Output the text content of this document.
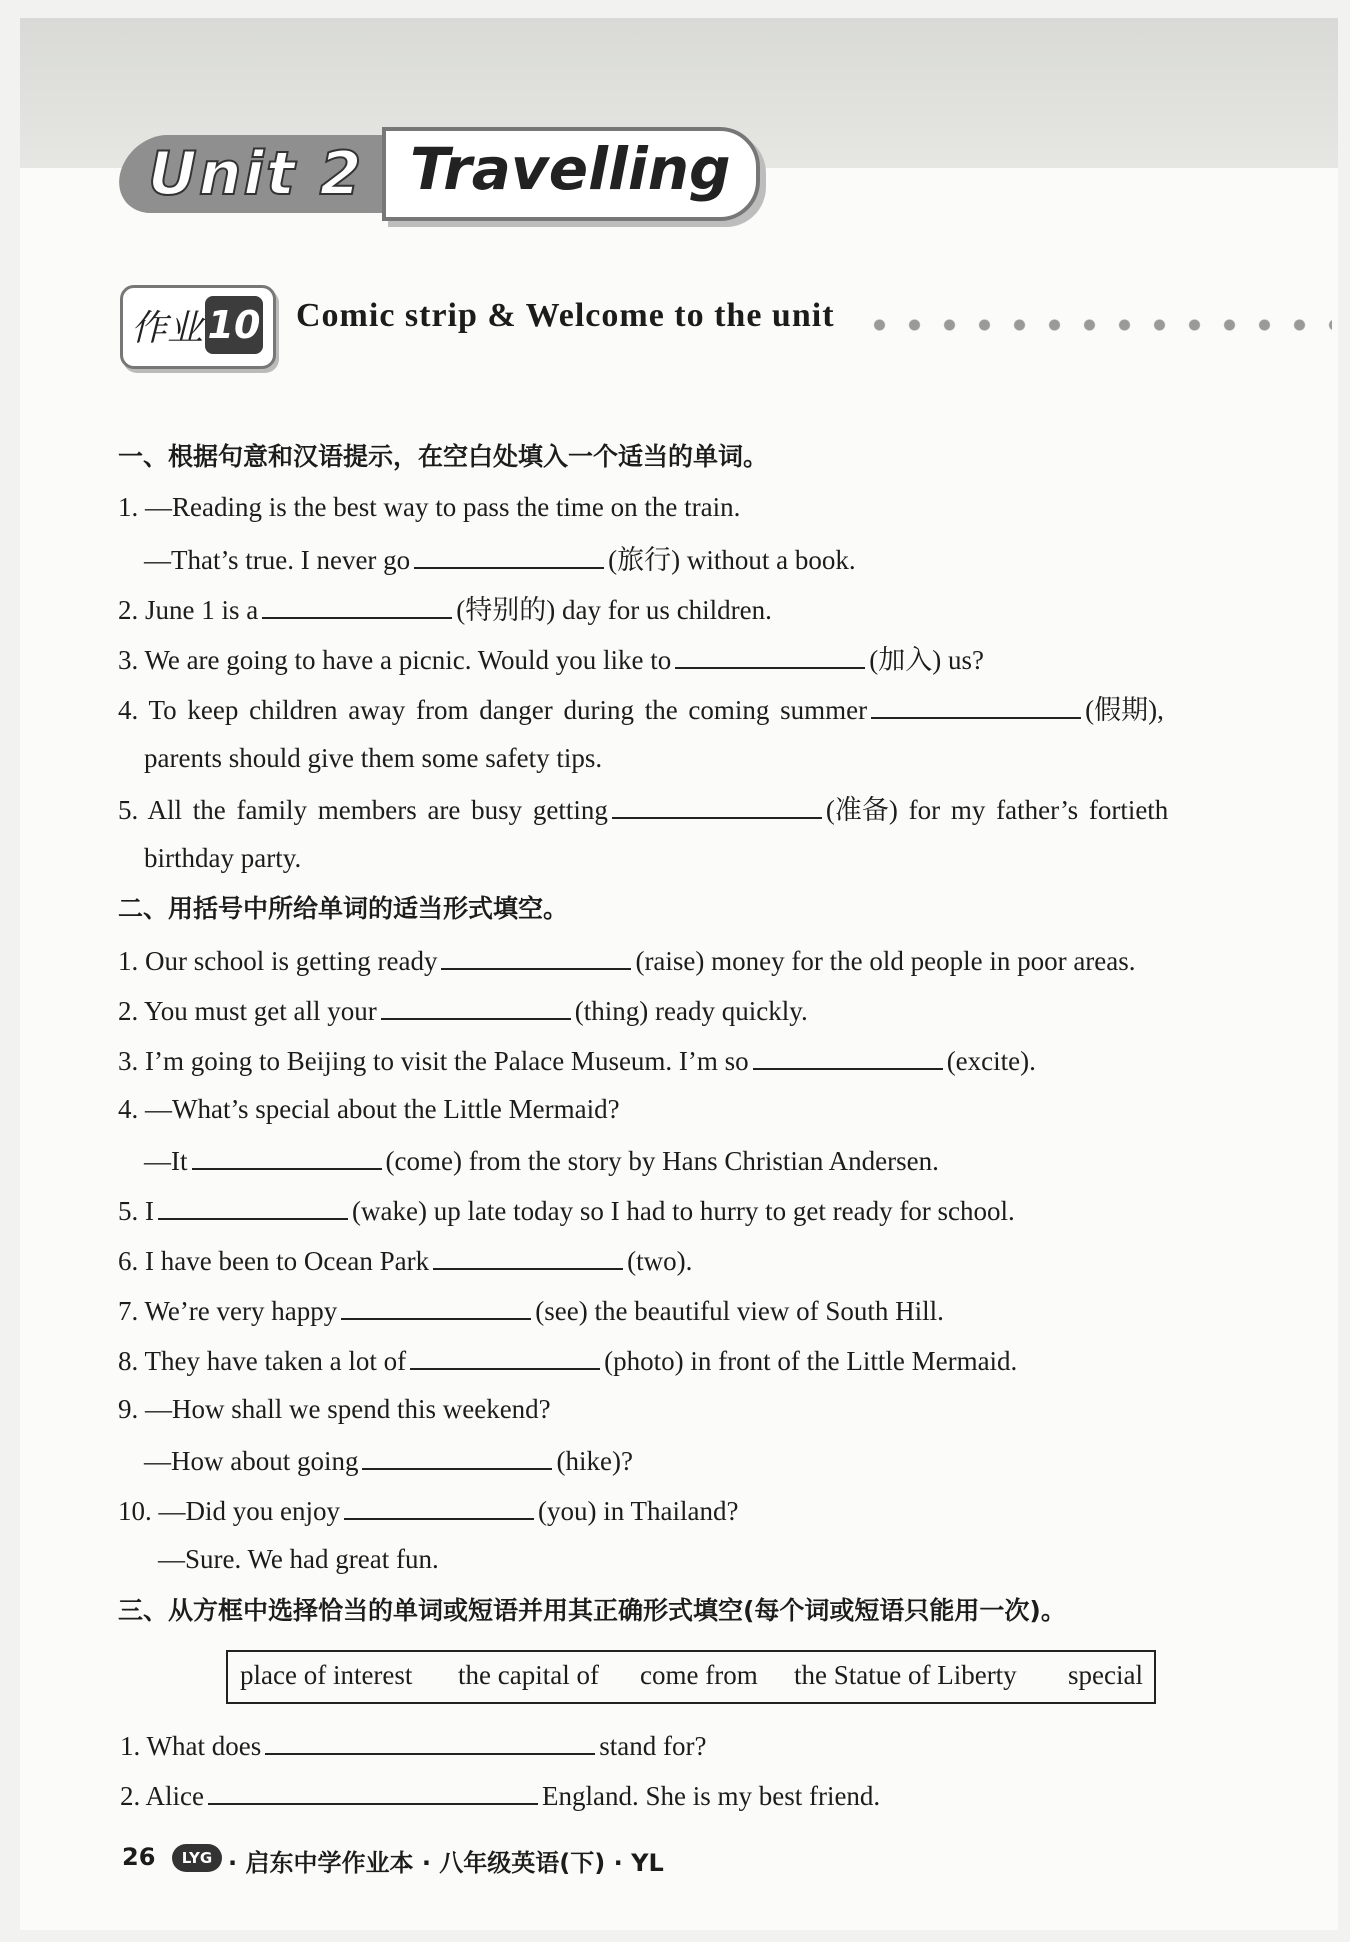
Unit 2 Travelling
作业 10 Comic strip & Welcome to the unit
一、根据句意和汉语提示，在空白处填入一个适当的单词。
1. —Reading is the best way to pass the time on the train.
—That’s true. I never go	(旅行) without a book.
2. June 1 is a	(特别的) day for us children.
3. We are going to have a picnic. Would you like to	(加入) us?
4. To keep children away from danger during the coming summer	(假期),
parents should give them some safety tips.
5. All the family members are busy getting	(准备) for my father’s fortieth
birthday party.
二、用括号中所给单词的适当形式填空。
1. Our school is getting ready	(raise) money for the old people in poor areas.
2. You must get all your	(thing) ready quickly.
3. I’m going to Beijing to visit the Palace Museum. I’m so	(excite).
4. —What’s special about the Little Mermaid?
—It	(come) from the story by Hans Christian Andersen.
5. I	(wake) up late today so I had to hurry to get ready for school.
6. I have been to Ocean Park	(two).
7. We’re very happy	(see) the beautiful view of South Hill.
8. They have taken a lot of	(photo) in front of the Little Mermaid.
9. —How shall we spend this weekend?
—How about going	(hike)?
10. —Did you enjoy	(you) in Thailand?
—Sure. We had great fun.
三、从方框中选择恰当的单词或短语并用其正确形式填空(每个词或短语只能用一次)。
place of interest the capital of come from the Statue of Liberty special
1. What does	stand for?
2. Alice	England. She is my best friend.
26	LYG · 启东中学作业本 · 八年级英语(下) · YL
